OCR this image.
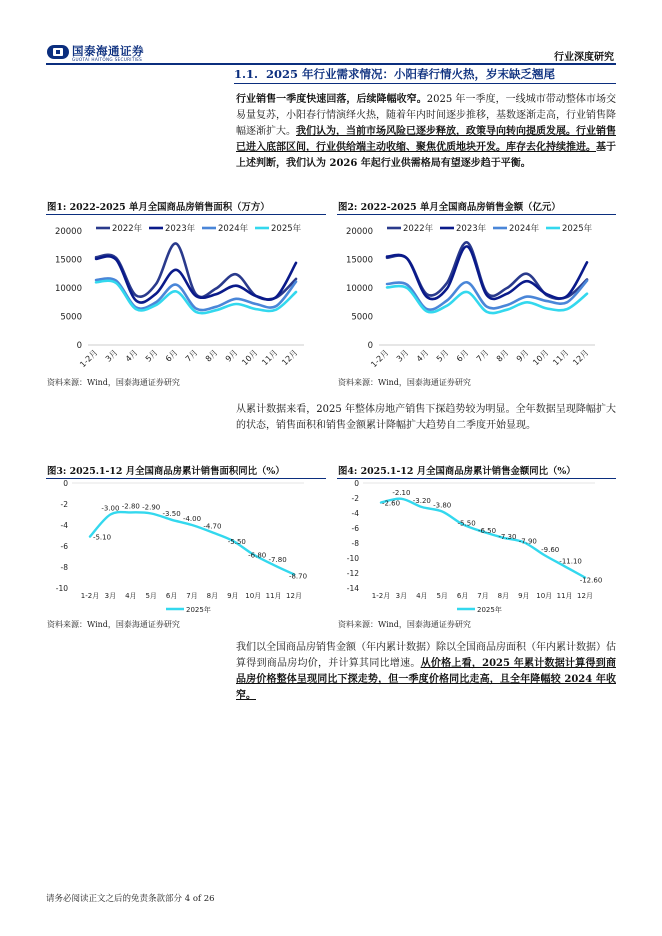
国泰海通证券
GUOTAI HAITONG SECURITIES	行业深度研究
1.1. 2025 年行业需求情况：小阳春行情火热，岁末缺乏翘尾
行业销售一季度快速回落，后续降幅收窄。2025 年一季度，一线城市带动整体市场交易量复苏，小阳春行情演绎火热，随着年内时间逐步推移，基数逐渐走高，行业销售降幅逐渐扩大。我们认为，当前市场风险已逐步释放，政策导向转向提质发展。行业销售已进入底部区间，行业供给端主动收缩、聚焦优质地块开发。库存去化持续推进。基于上述判断，我们认为 2026 年起行业供需格局有望逐步趋于平衡。
图1: 2022-2025 单月全国商品房销售面积（万方）
0
5000
10000
15000
20000
1-2月 3月 4月 5月 6月 7月 8月 9月 10月 11月 12月
2022年	2023年	2024年	2025年
资料来源：Wind，国泰海通证券研究
图2: 2022-2025 单月全国商品房销售金额（亿元）
0
5000
10000
15000
20000
1-2月 3月 4月 5月 6月 7月 8月 9月 10月 11月 12月
2022年	2023年	2024年	2025年
资料来源：Wind，国泰海通证券研究
从累计数据来看，2025 年整体房地产销售下探趋势较为明显。全年数据呈现降幅扩大的状态，销售面积和销售金额累计降幅扩大趋势自二季度开始显现。
图3: 2025.1-12 月全国商品房累计销售面积同比（%）
0
-2
-4
-6
-8
-10
1-2月 3月 4月 5月 6月 7月 8月 9月 10月 11月 12月
-5.10
-3.00 -2.80 -2.90
-3.50
-4.00
-4.70
-5.50
-6.80
-7.80
-8.70
2025年
资料来源：Wind，国泰海通证券研究
图4: 2025.1-12 月全国商品房累计销售金额同比（%）
0
-2
-4
-6
-8
-10
-12
-14
1-2月 3月 4月 5月 6月 7月 8月 9月 10月 11月 12月
-2.60
-2.10
-3.20
-3.80
-5.50
-6.50
-7.30
-7.90
-9.60
-11.10
-12.60
2025年
资料来源：Wind，国泰海通证券研究
我们以全国商品房销售金额（年内累计数据）除以全国商品房面积（年内累计数据）估算得到商品房均价，并计算其同比增速。从价格上看，2025 年累计数据计算得到商品房价格整体呈现同比下探走势，但一季度价格同比走高，且全年降幅较 2024 年收窄。
请务必阅读正文之后的免责条款部分 4 of 26
